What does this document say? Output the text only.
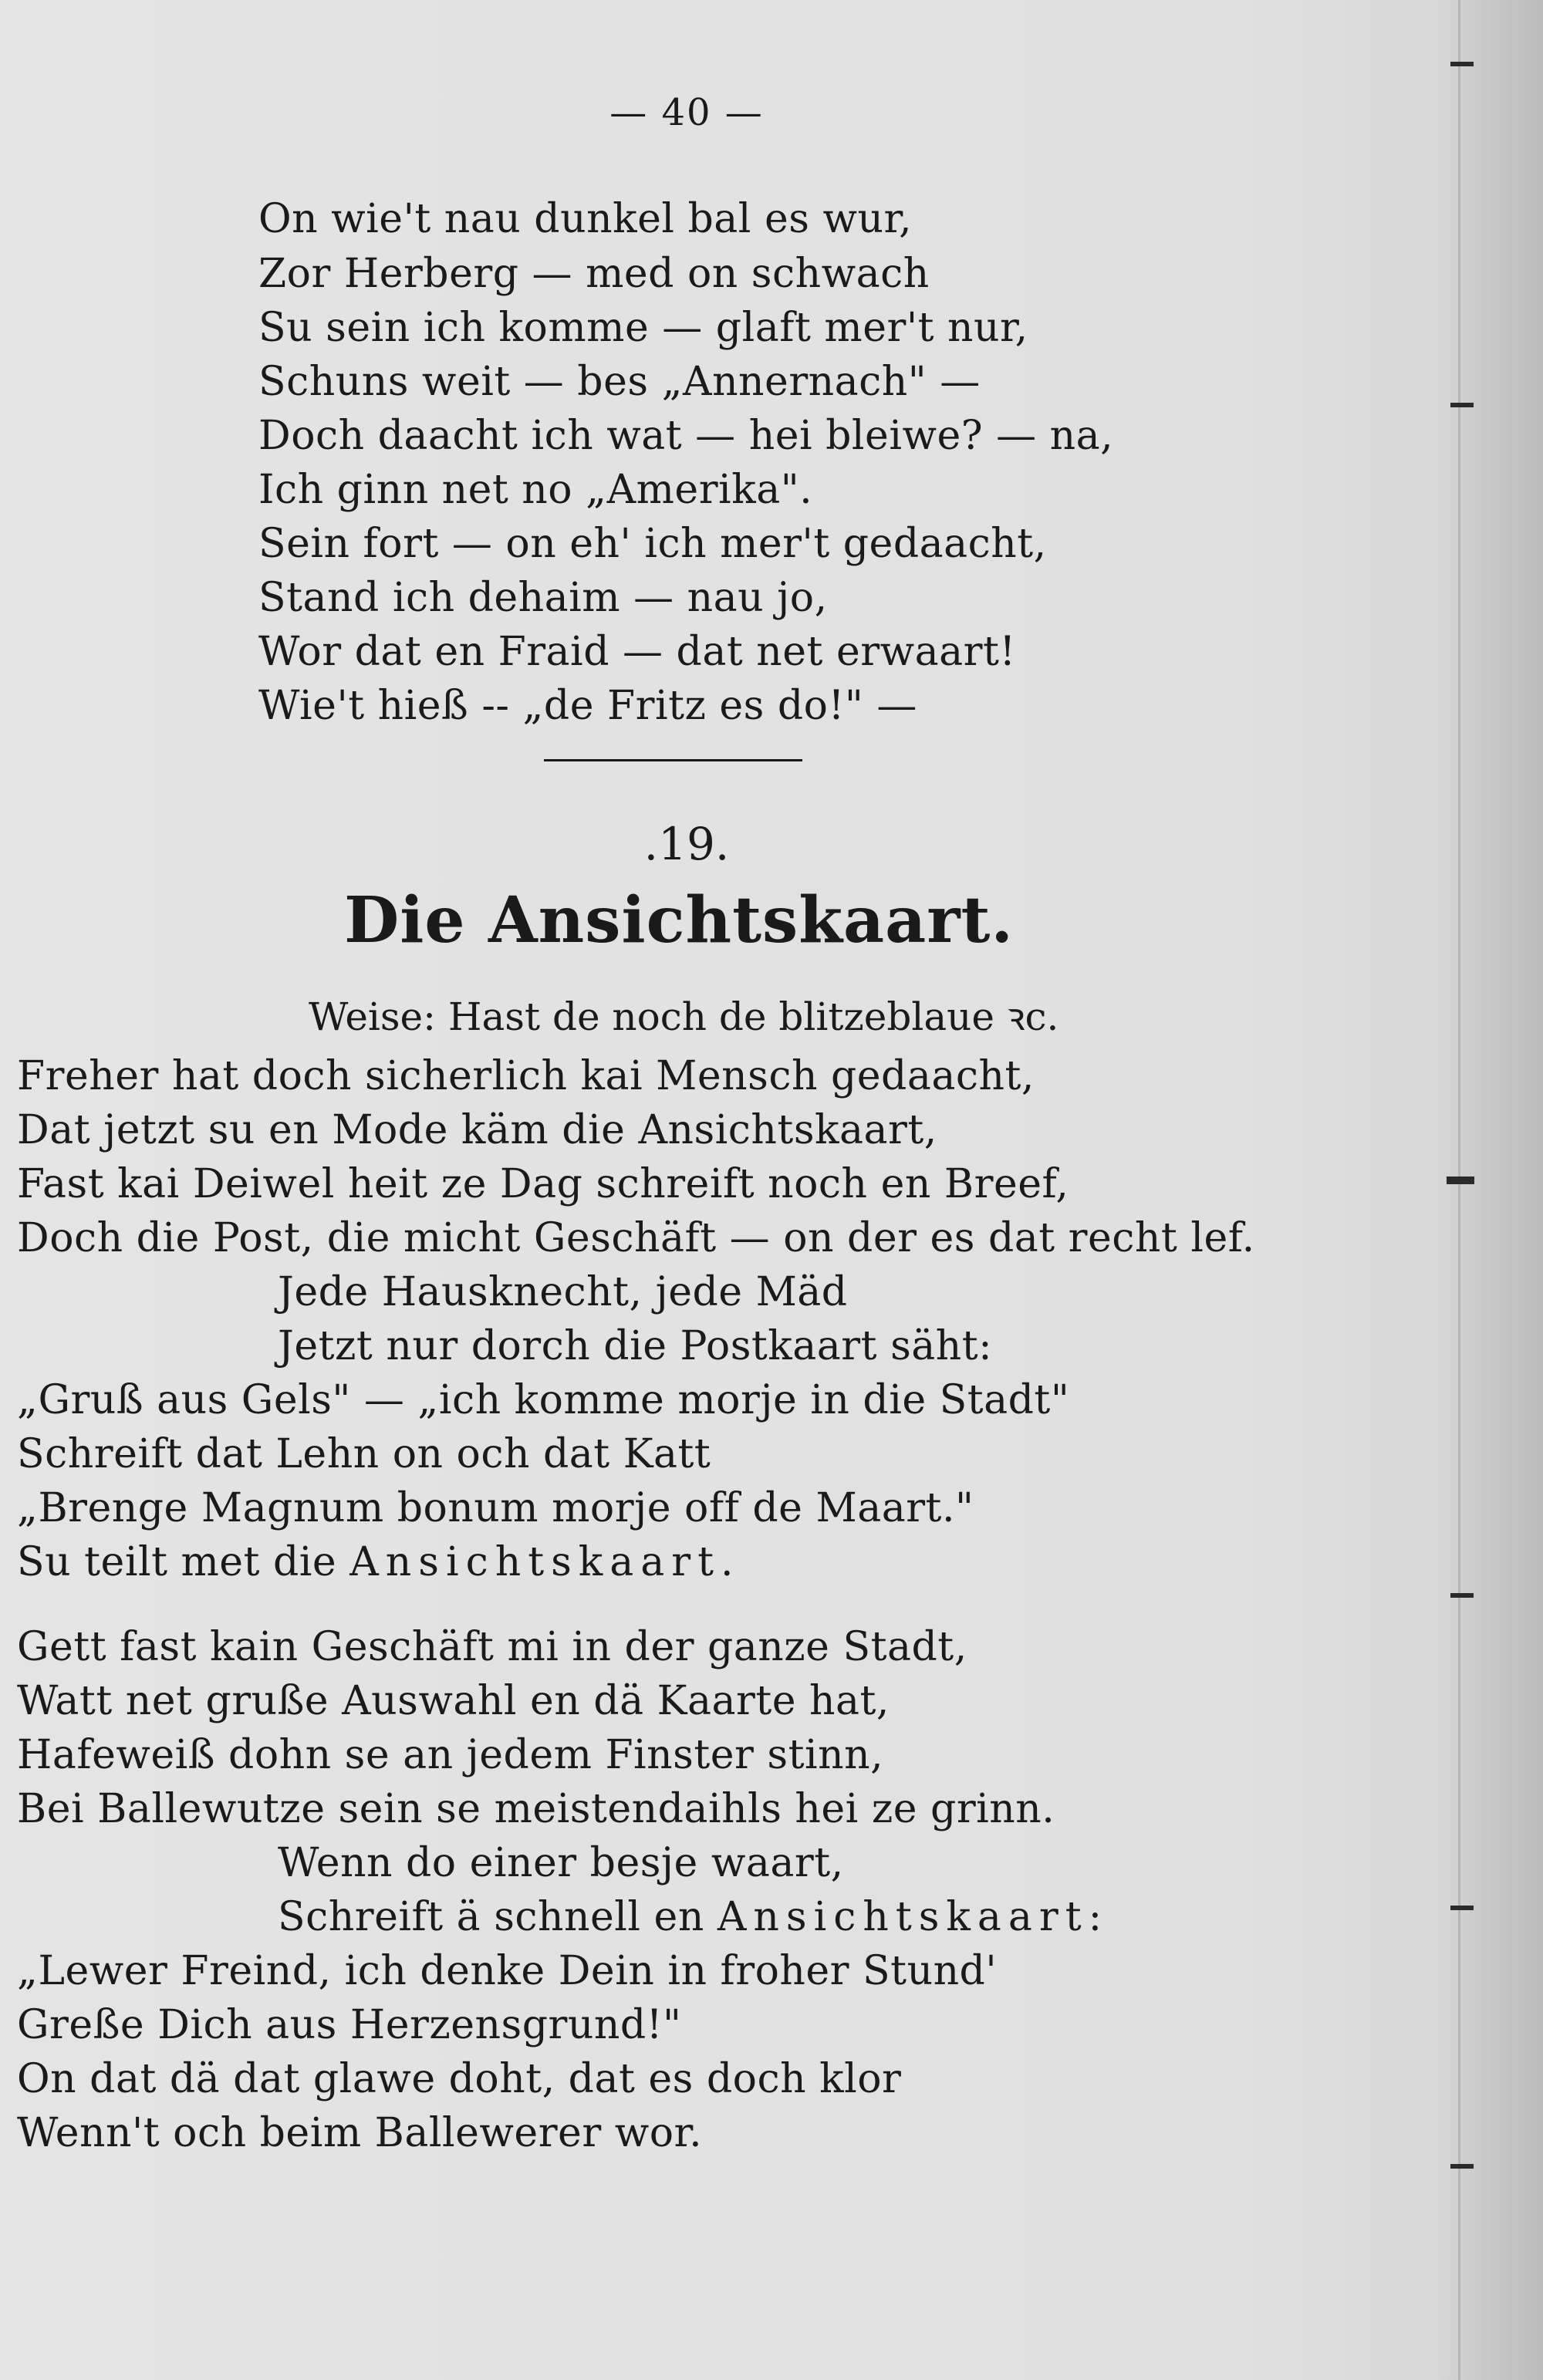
— 40 —
On wie't nau dunkel bal es wur,
Zor Herberg — med on schwach
Su sein ich komme — glaft mer't nur,
Schuns weit — bes „Annernach" —
Doch daacht ich wat — hei bleiwe? — na,
Ich ginn net no „Amerika".
Sein fort — on eh' ich mer't gedaacht,
Stand ich dehaim — nau jo,
Wor dat en Fraid — dat net erwaart!
Wie't hieß -- „de Fritz es do!" —
.19.
Die Ansichtskaart.
Weise: Hast de noch de blitzeblaue ꝛc.
Freher hat doch sicherlich kai Mensch gedaacht,
Dat jetzt su en Mode käm die Ansichtskaart,
Fast kai Deiwel heit ze Dag schreift noch en Breef,
Doch die Post, die micht Geschäft — on der es dat recht lef.
Jede Hausknecht, jede Mäd
Jetzt nur dorch die Postkaart säht:
„Gruß aus Gels" — „ich komme morje in die Stadt"
Schreift dat Lehn on och dat Katt
„Brenge Magnum bonum morje off de Maart."
Su teilt met die Ansichtskaart.
Gett fast kain Geschäft mi in der ganze Stadt,
Watt net gruße Auswahl en dä Kaarte hat,
Hafeweiß dohn se an jedem Finster stinn,
Bei Ballewutze sein se meistendaihls hei ze grinn.
Wenn do einer besje waart,
Schreift ä schnell en Ansichtskaart:
„Lewer Freind, ich denke Dein in froher Stund'
Greße Dich aus Herzensgrund!"
On dat dä dat glawe doht, dat es doch klor
Wenn't och beim Ballewerer wor.
